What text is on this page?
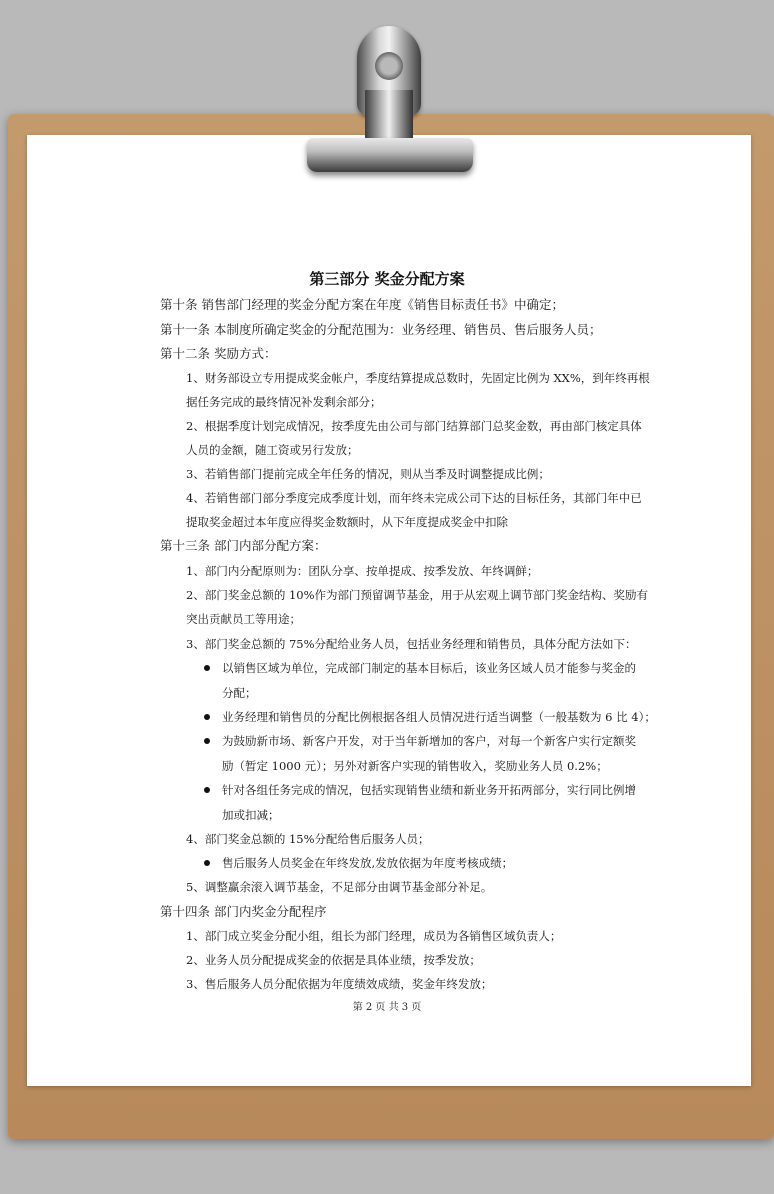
第三部分 奖金分配方案
第十条 销售部门经理的奖金分配方案在年度《销售目标责任书》中确定；
第十一条 本制度所确定奖金的分配范围为：业务经理、销售员、售后服务人员；
第十二条 奖励方式：
1、财务部设立专用提成奖金帐户，季度结算提成总数时，先固定比例为 XX%，到年终再根
据任务完成的最终情况补发剩余部分；
2、根据季度计划完成情况，按季度先由公司与部门结算部门总奖金数，再由部门核定具体
人员的金额，随工资或另行发放；
3、若销售部门提前完成全年任务的情况，则从当季及时调整提成比例；
4、若销售部门部分季度完成季度计划，而年终未完成公司下达的目标任务，其部门年中已
提取奖金超过本年度应得奖金数额时，从下年度提成奖金中扣除
第十三条 部门内部分配方案：
1、部门内分配原则为：团队分享、按单提成、按季发放、年终调鲜；
2、部门奖金总额的 10%作为部门预留调节基金，用于从宏观上调节部门奖金结构、奖励有
突出贡献员工等用途；
3、部门奖金总额的 75%分配给业务人员，包括业务经理和销售员，具体分配方法如下：
以销售区域为单位，完成部门制定的基本目标后，该业务区域人员才能参与奖金的
分配；
业务经理和销售员的分配比例根据各组人员情况进行适当调整（一般基数为 6 比 4）；
为鼓励新市场、新客户开发，对于当年新增加的客户，对每一个新客户实行定额奖
励（暂定 1000 元）；另外对新客户实现的销售收入，奖励业务人员 0.2%；
针对各组任务完成的情况，包括实现销售业绩和新业务开拓两部分，实行同比例增
加或扣减；
4、部门奖金总额的 15%分配给售后服务人员；
售后服务人员奖金在年终发放,发放依据为年度考核成绩；
5、调整赢余滚入调节基金，不足部分由调节基金部分补足。
第十四条 部门内奖金分配程序
1、部门成立奖金分配小组，组长为部门经理，成员为各销售区域负责人；
2、业务人员分配提成奖金的依据是具体业绩，按季发放；
3、售后服务人员分配依据为年度绩效成绩，奖金年终发放；
第 2 页 共 3 页
